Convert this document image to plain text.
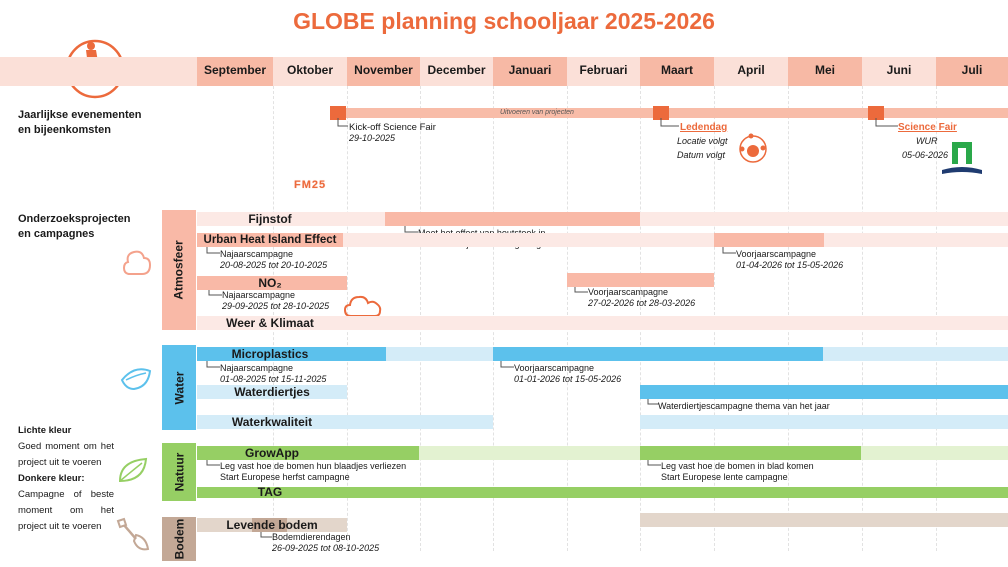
GLOBE planning schooljaar 2025-2026
September	Oktober	November	December	Januari	Februari	Maart	April	Mei	Juni	Juli
Jaarlijkse evenementen en bijeenkomsten
Onderzoeksprojecten en campagnes
Uitvoeren van projecten
Kick-off Science Fair
29-10-2025
Ledendag
Locatie volgt
Datum volgt
Science Fair
WUR
05-06-2026
FM25
Atmosfeer
Water
Natuur
Bodem
Fijnstof
Urban Heat Island Effect
Najaarscampagne
20-08-2025 tot 20-10-2025
Voorjaarscampagne
01-04-2026 tot 15-05-2026
NO₂
Najaarscampagne
29-09-2025 tot 28-10-2025
Voorjaarscampagne
27-02-2026 tot 28-03-2026
Weer & Klimaat
Microplastics
Najaarscampagne
01-08-2025 tot 15-11-2025
Voorjaarscampagne
01-01-2026 tot 15-05-2026
Waterdiertjes
Waterdiertjescampagne thema van het jaar
Waterkwaliteit
GrowApp
Leg vast hoe de bomen hun blaadjes verliezen
Start Europese herfst campagne
Leg vast hoe de bomen in blad komen
Start Europese lente campagne
TAG
Levende bodem
Bodemdierendagen
26-09-2025 tot 08-10-2025
Lichte kleur
Goed moment om het project uit te voeren
Donkere kleur:
Campagne of beste moment om het project uit te voeren
